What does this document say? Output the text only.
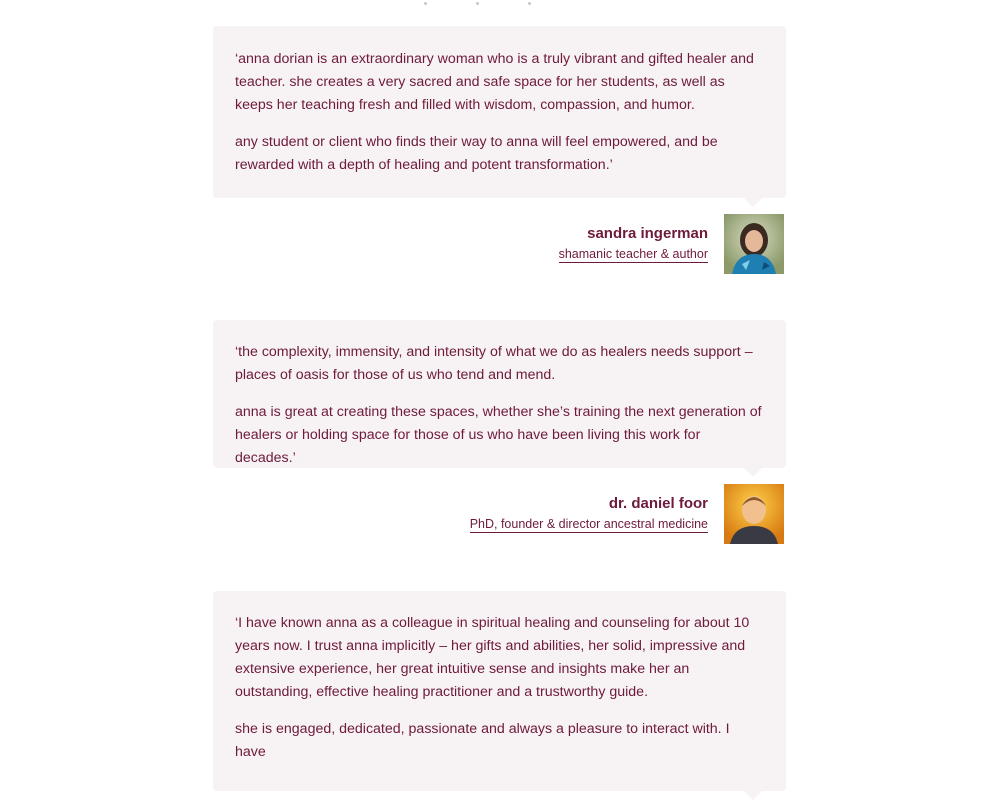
‘anna dorian is an extraordinary woman who is a truly vibrant and gifted healer and teacher. she creates a very sacred and safe space for her students, as well as keeps her teaching fresh and filled with wisdom, compassion, and humor.

any student or client who finds their way to anna will feel empowered, and be rewarded with a depth of healing and potent transformation.’

sandra ingerman
shamanic teacher & author

‘the complexity, immensity, and intensity of what we do as healers needs support – places of oasis for those of us who tend and mend.

anna is great at creating these spaces, whether she’s training the next generation of healers or holding space for those of us who have been living this work for decades.’

dr. daniel foor
PhD, founder & director ancestral medicine

‘I have known anna as a colleague in spiritual healing and counseling for about 10 years now. I trust anna implicitly – her gifts and abilities, her solid, impressive and extensive experience, her great intuitive sense and insights make her an outstanding, effective healing practitioner and a trustworthy guide.

she is engaged, dedicated, passionate and always a pleasure to interact with. I have
